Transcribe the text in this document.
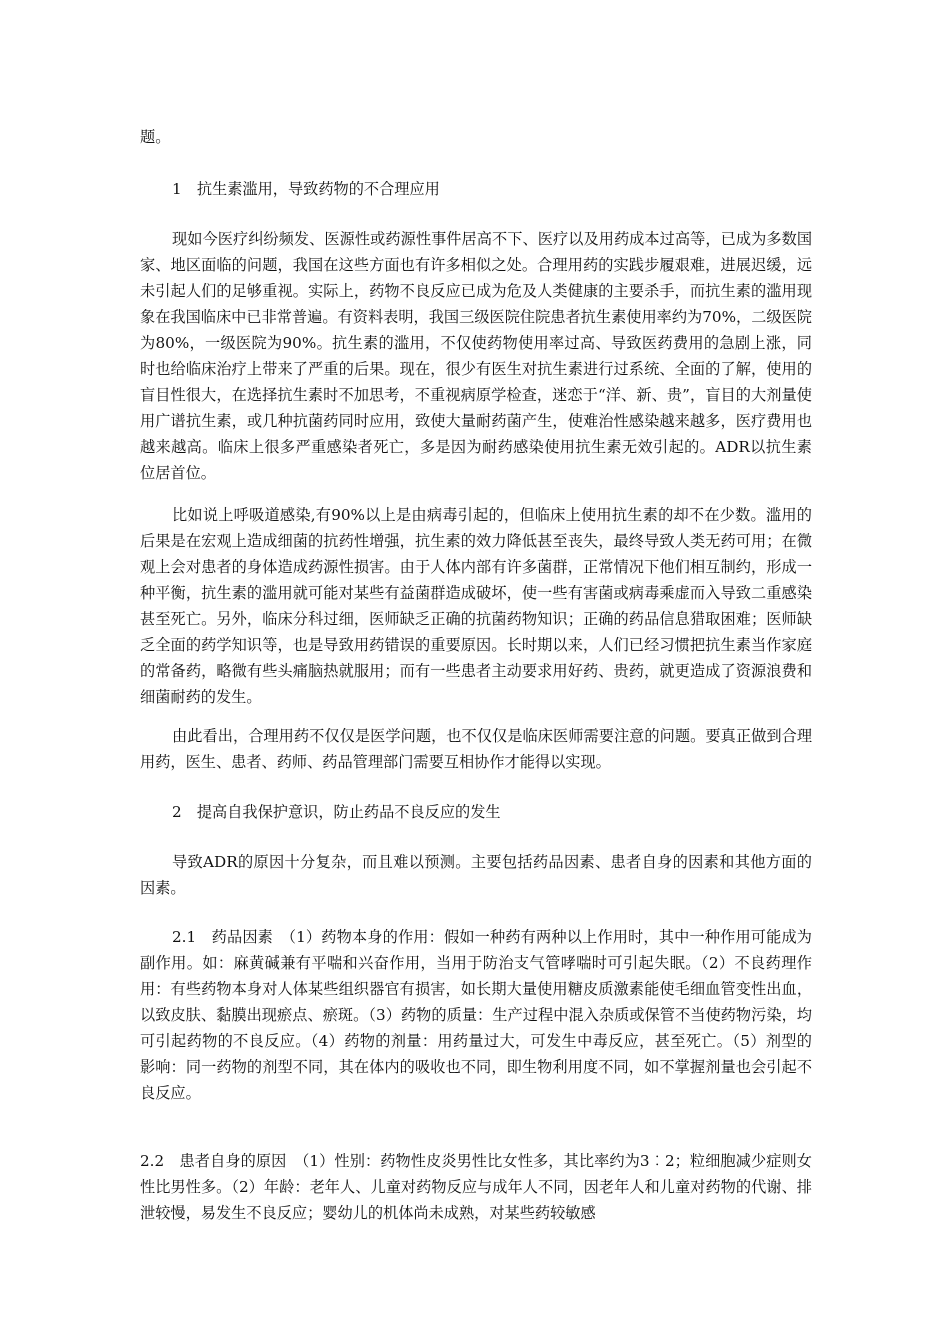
题。
1　抗生素滥用，导致药物的不合理应用
现如今医疗纠纷频发、医源性或药源性事件居高不下、医疗以及用药成本过高等，已成为多数国家、地区面临的问题，我国在这些方面也有许多相似之处。合理用药的实践步履艰难，进展迟缓，远未引起人们的足够重视。实际上，药物不良反应已成为危及人类健康的主要杀手，而抗生素的滥用现象在我国临床中已非常普遍。有资料表明，我国三级医院住院患者抗生素使用率约为70%，二级医院为80%，一级医院为90%。抗生素的滥用，不仅使药物使用率过高、导致医药费用的急剧上涨，同时也给临床治疗上带来了严重的后果。现在，很少有医生对抗生素进行过系统、全面的了解，使用的盲目性很大，在选择抗生素时不加思考，不重视病原学检查，迷恋于“洋、新、贵”，盲目的大剂量使用广谱抗生素，或几种抗菌药同时应用，致使大量耐药菌产生，使难治性感染越来越多，医疗费用也越来越高。临床上很多严重感染者死亡，多是因为耐药感染使用抗生素无效引起的。ADR以抗生素位居首位。
比如说上呼吸道感染,有90%以上是由病毒引起的，但临床上使用抗生素的却不在少数。滥用的后果是在宏观上造成细菌的抗药性增强，抗生素的效力降低甚至丧失，最终导致人类无药可用；在微观上会对患者的身体造成药源性损害。由于人体内部有许多菌群，正常情况下他们相互制约，形成一种平衡，抗生素的滥用就可能对某些有益菌群造成破坏，使一些有害菌或病毒乘虚而入导致二重感染甚至死亡。另外，临床分科过细，医师缺乏正确的抗菌药物知识；正确的药品信息猎取困难；医师缺乏全面的药学知识等，也是导致用药错误的重要原因。长时期以来，人们已经习惯把抗生素当作家庭的常备药，略微有些头痛脑热就服用；而有一些患者主动要求用好药、贵药，就更造成了资源浪费和细菌耐药的发生。
由此看出，合理用药不仅仅是医学问题，也不仅仅是临床医师需要注意的问题。要真正做到合理用药，医生、患者、药师、药品管理部门需要互相协作才能得以实现。
2　提高自我保护意识，防止药品不良反应的发生
导致ADR的原因十分复杂，而且难以预测。主要包括药品因素、患者自身的因素和其他方面的因素。
2.1　药品因素　（1）药物本身的作用：假如一种药有两种以上作用时，其中一种作用可能成为副作用。如：麻黄碱兼有平喘和兴奋作用，当用于防治支气管哮喘时可引起失眠。（2）不良药理作用：有些药物本身对人体某些组织器官有损害，如长期大量使用糖皮质激素能使毛细血管变性出血，以致皮肤、黏膜出现瘀点、瘀斑。（3）药物的质量：生产过程中混入杂质或保管不当使药物污染，均可引起药物的不良反应。（4）药物的剂量：用药量过大，可发生中毒反应，甚至死亡。（5）剂型的影响：同一药物的剂型不同，其在体内的吸收也不同，即生物利用度不同，如不掌握剂量也会引起不良反应。
2.2　患者自身的原因　（1）性别：药物性皮炎男性比女性多，其比率约为3︰2；粒细胞减少症则女性比男性多。（2）年龄：老年人、儿童对药物反应与成年人不同，因老年人和儿童对药物的代谢、排泄较慢，易发生不良反应；婴幼儿的机体尚未成熟，对某些药较敏感
